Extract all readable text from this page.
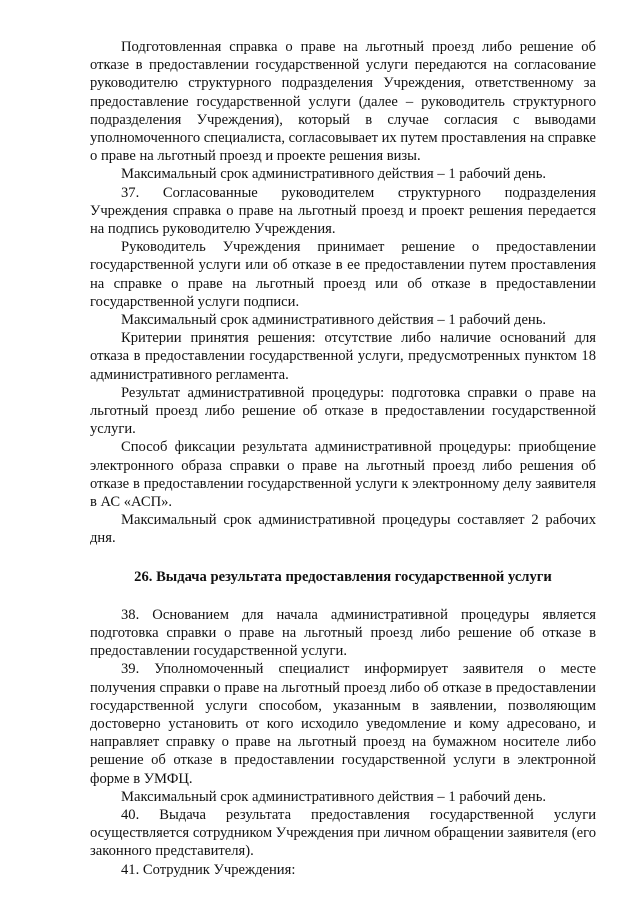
Подготовленная справка о праве на льготный проезд либо решение об отказе в предоставлении государственной услуги передаются на согласование руководителю структурного подразделения Учреждения, ответственному за предоставление государственной услуги (далее – руководитель структурного подразделения Учреждения), который в случае согласия с выводами уполномоченного специалиста, согласовывает их путем проставления на справке о праве на льготный проезд и проекте решения визы.

Максимальный срок административного действия – 1 рабочий день.

37. Согласованные руководителем структурного подразделения Учреждения справка о праве на льготный проезд и проект решения передается на подпись руководителю Учреждения.

Руководитель Учреждения принимает решение о предоставлении государственной услуги или об отказе в ее предоставлении путем проставления на справке о праве на льготный проезд или об отказе в предоставлении государственной услуги подписи.

Максимальный срок административного действия – 1 рабочий день.

Критерии принятия решения: отсутствие либо наличие оснований для отказа в предоставлении государственной услуги, предусмотренных пунктом 18 административного регламента.

Результат административной процедуры: подготовка справки о праве на льготный проезд либо решение об отказе в предоставлении государственной услуги.

Способ фиксации результата административной процедуры: приобщение электронного образа справки о праве на льготный проезд либо решения об отказе в предоставлении государственной услуги к электронному делу заявителя в АС «АСП».

Максимальный срок административной процедуры составляет 2 рабочих дня.

26. Выдача результата предоставления государственной услуги

38. Основанием для начала административной процедуры является подготовка справки о праве на льготный проезд либо решение об отказе в предоставлении государственной услуги.

39. Уполномоченный специалист информирует заявителя о месте получения справки о праве на льготный проезд либо об отказе в предоставлении государственной услуги способом, указанным в заявлении, позволяющим достоверно установить от кого исходило уведомление и кому адресовано, и направляет справку о праве на льготный проезд на бумажном носителе либо решение об отказе в предоставлении государственной услуги в электронной форме в УМФЦ.

Максимальный срок административного действия – 1 рабочий день.

40. Выдача результата предоставления государственной услуги осуществляется сотрудником Учреждения при личном обращении заявителя (его законного представителя).

41. Сотрудник Учреждения:
